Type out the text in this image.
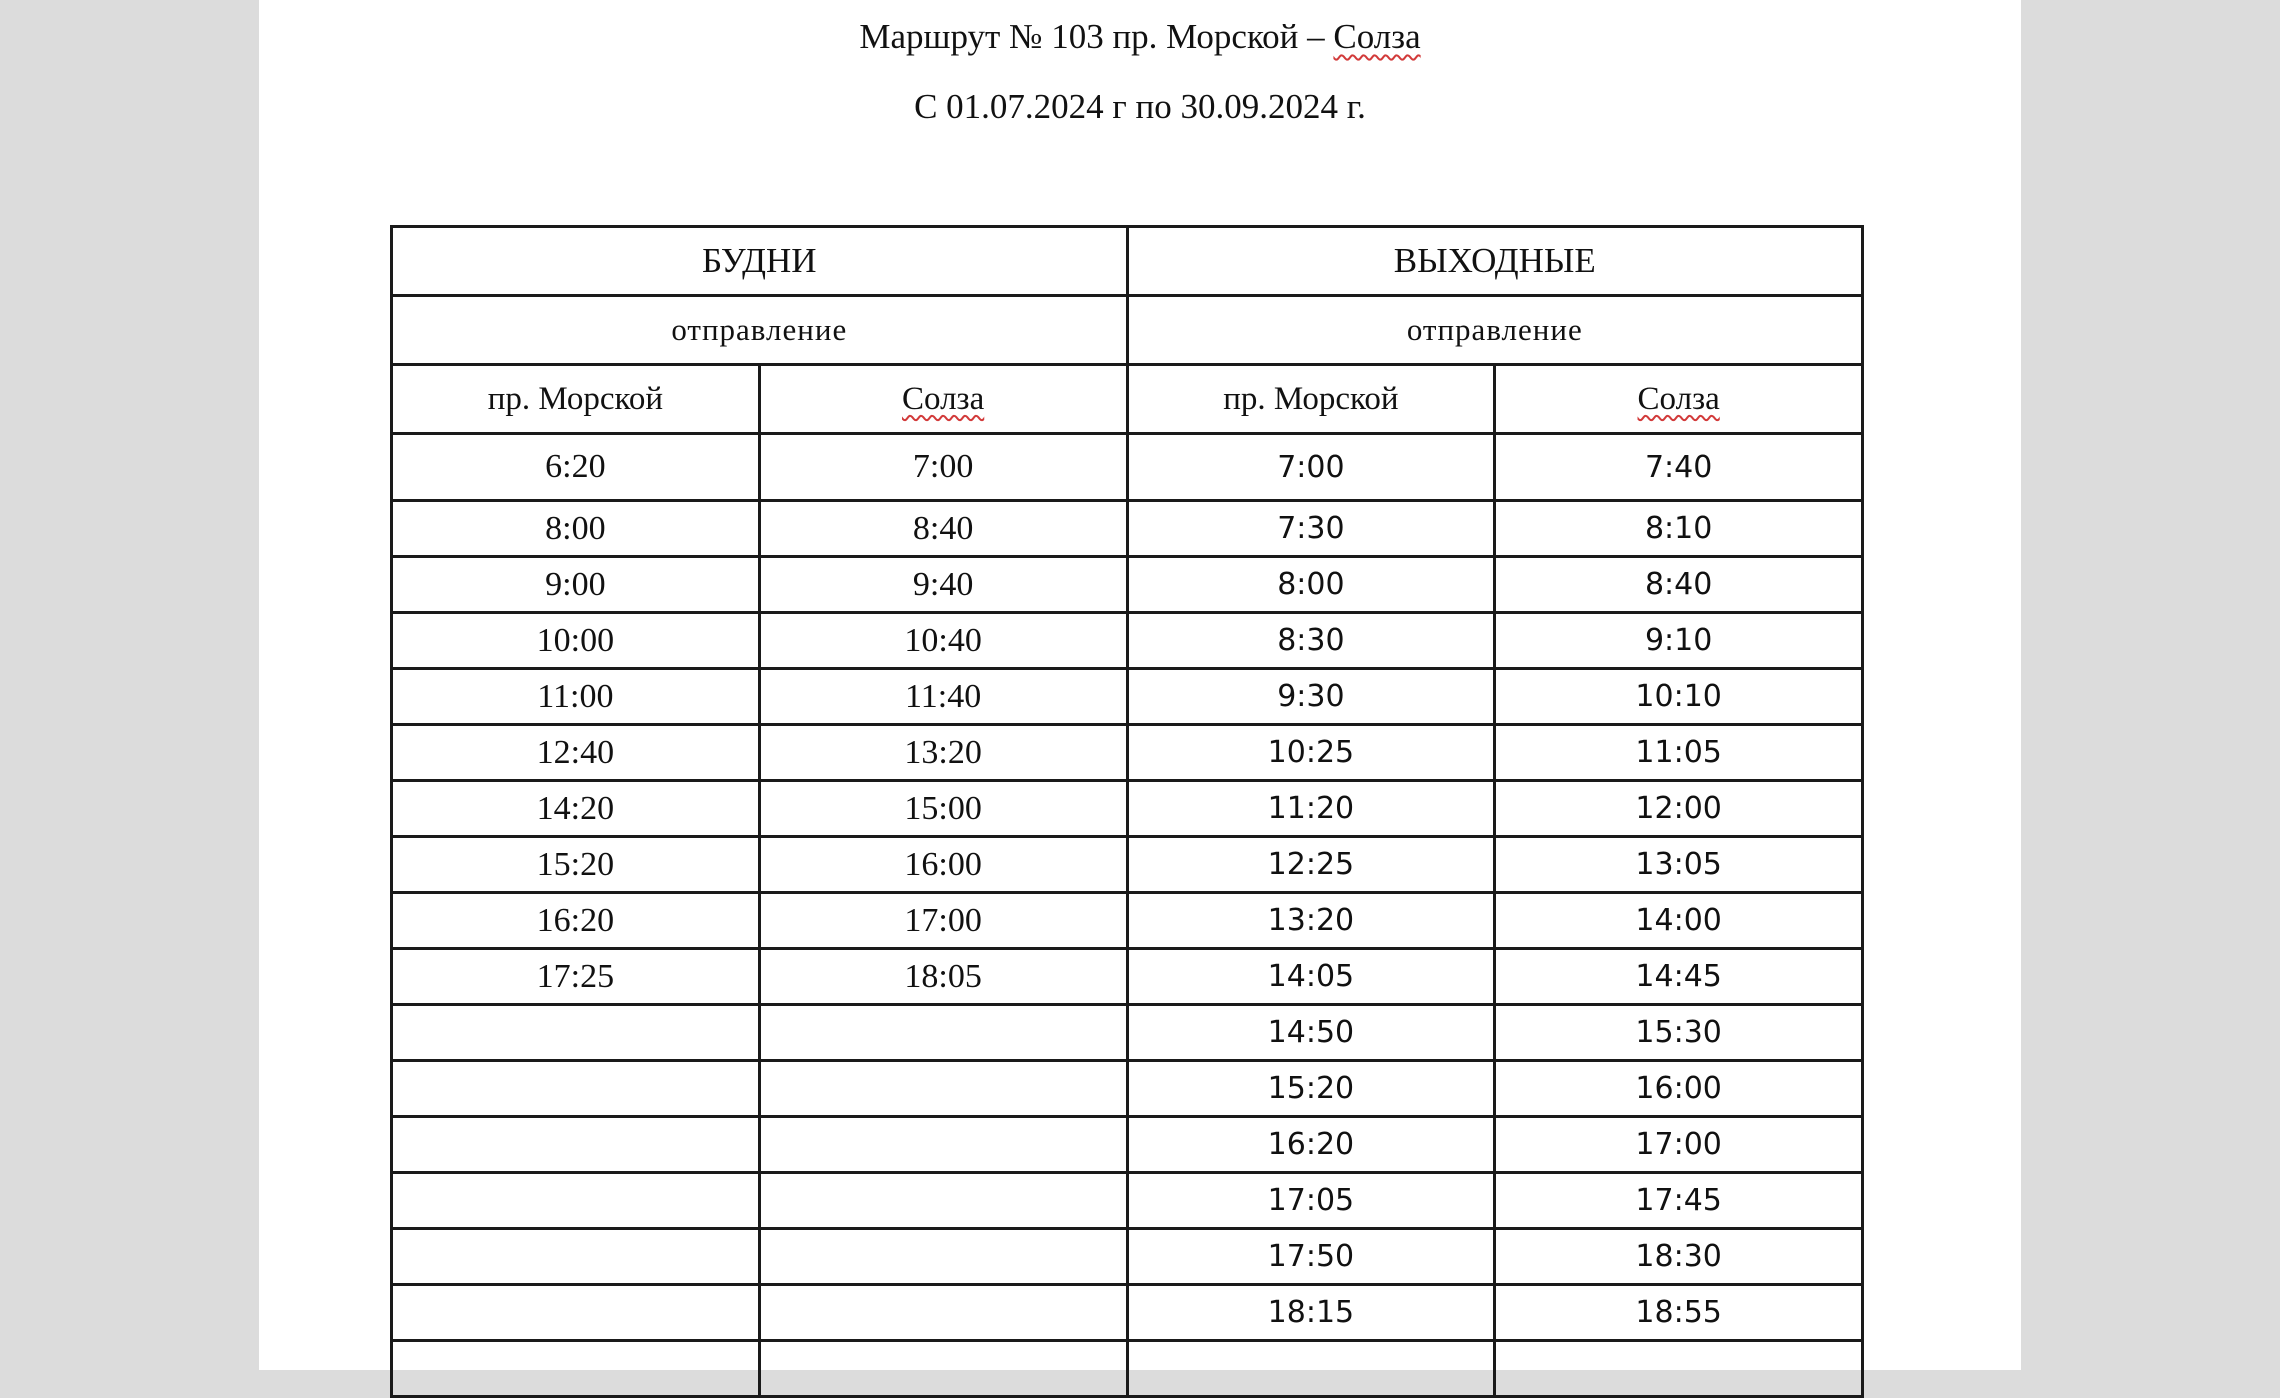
Маршрут № 103 пр. Морской – Солза
С 01.07.2024 г по 30.09.2024 г.
БУДНИ		ВЫХОДНЫЕ	
отправление		отправление	
пр. Морской	Солза	пр. Морской	Солза
6:20	7:00	7:00	7:40
8:00	8:40	7:30	8:10
9:00	9:40	8:00	8:40
10:00	10:40	8:30	9:10
11:00	11:40	9:30	10:10
12:40	13:20	10:25	11:05
14:20	15:00	11:20	12:00
15:20	16:00	12:25	13:05
16:20	17:00	13:20	14:00
17:25	18:05	14:05	14:45
		14:50	15:30
		15:20	16:00
		16:20	17:00
		17:05	17:45
		17:50	18:30
		18:15	18:55
